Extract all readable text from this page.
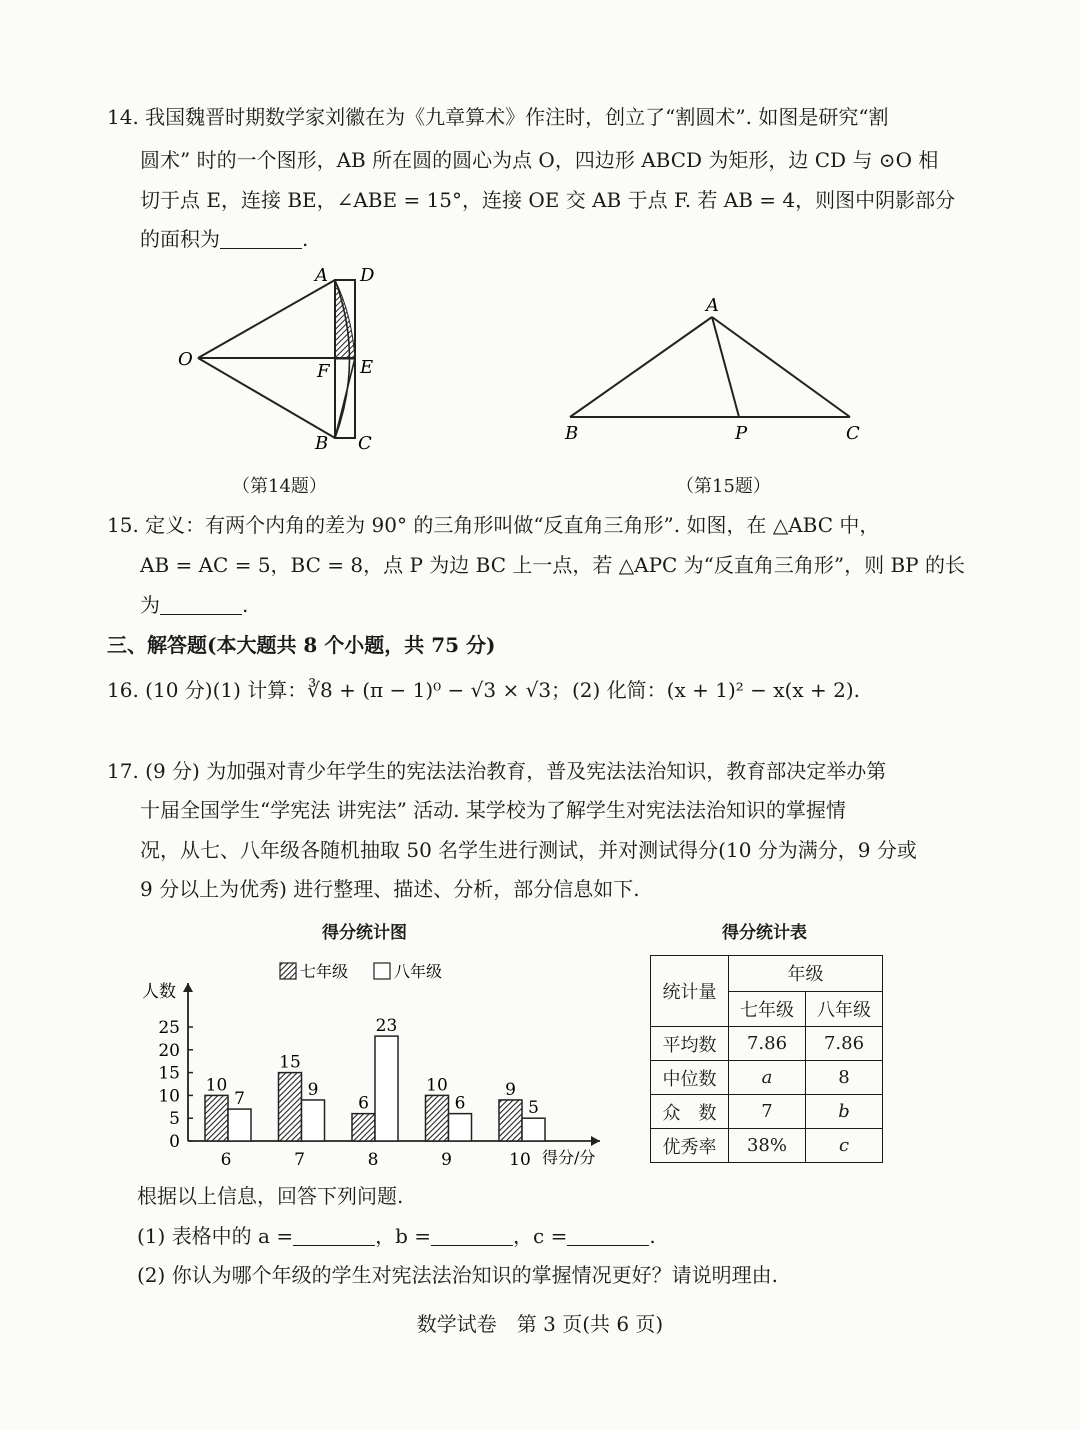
14. 我国魏晋时期数学家刘徽在为《九章算术》作注时，创立了“割圆术”. 如图是研究“割
圆术” 时的一个图形，AB 所在圆的圆心为点 O，四边形 ABCD 为矩形，边 CD 与 ⊙O 相
切于点 E，连接 BE，∠ABE = 15°，连接 OE 交 AB 于点 F. 若 AB = 4，则图中阴影部分
的面积为	.
O
A D
F E
B C
（第14题）
A
B	P	C
（第15题）
15. 定义：有两个内角的差为 90° 的三角形叫做“反直角三角形”. 如图，在 △ABC 中，
AB = AC = 5，BC = 8，点 P 为边 BC 上一点，若 △APC 为“反直角三角形”，则 BP 的长
为	.
三、解答题(本大题共 8 个小题，共 75 分)
16. (10 分)(1) 计算：∛8 + (π − 1)⁰ − √3 × √3； (2) 化简：(x + 1)² − x(x + 2).
17. (9 分) 为加强对青少年学生的宪法法治教育，普及宪法法治知识，教育部决定举办第
十届全国学生“学宪法 讲宪法” 活动. 某学校为了解学生对宪法法治知识的掌握情
况，从七、八年级各随机抽取 50 名学生进行测试，并对测试得分(10 分为满分，9 分或
9 分以上为优秀) 进行整理、描述、分析，部分信息如下.
得分统计图
七年级	八年级
人数
得分/分
0
5
10
15
20
25
6	7	8	9	10
10
7
15
9
6
23
10
6
9
5
得分统计表
统计量	年级	
	七年级	八年级
平均数	7.86	7.86
中位数	a	8
众　数	7	b
优秀率	38%	c
根据以上信息，回答下列问题.
(1) 表格中的 a =	，b =	，c =	.
(2) 你认为哪个年级的学生对宪法法治知识的掌握情况更好？请说明理由.
数学试卷　第 3 页(共 6 页)
